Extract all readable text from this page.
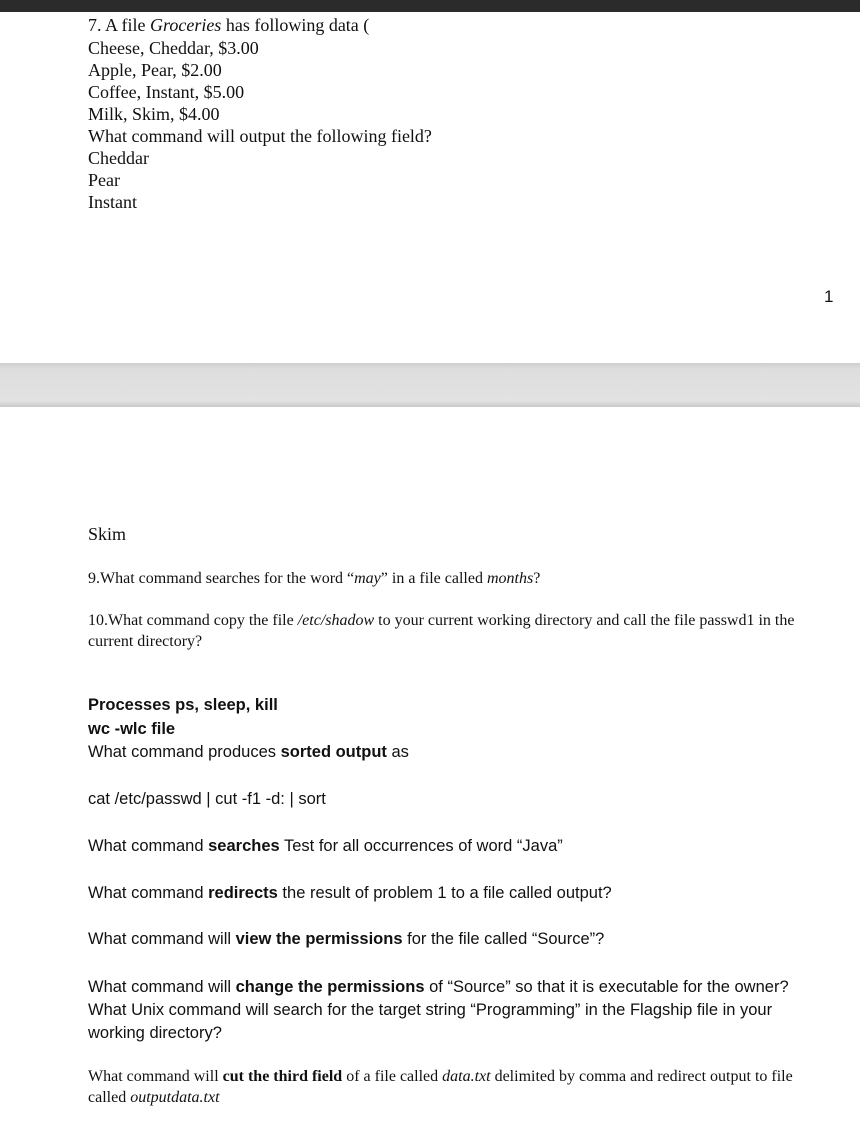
7. A file Groceries has following data (
Cheese, Cheddar, $3.00
Apple, Pear, $2.00
Coffee, Instant, $5.00
Milk, Skim, $4.00
What command will output the following field?
Cheddar
Pear
Instant
1
Skim
9.What command searches for the word “may” in a file called months?
10.What command copy the file /etc/shadow to your current working directory and call the file passwd1 in the current directory?
Processes ps, sleep, kill
wc -wlc file
What command produces sorted output as
cat /etc/passwd | cut -f1 -d: | sort
What command searches Test for all occurrences of word “Java”
What command redirects the result of problem 1 to a file called output?
What command will view the permissions for the file called “Source”?
What command will change the permissions of “Source” so that it is executable for the owner? What Unix command will search for the target string “Programming” in the Flagship file in your working directory?
What command will cut the third field of a file called data.txt delimited by comma and redirect output to file called outputdata.txt
